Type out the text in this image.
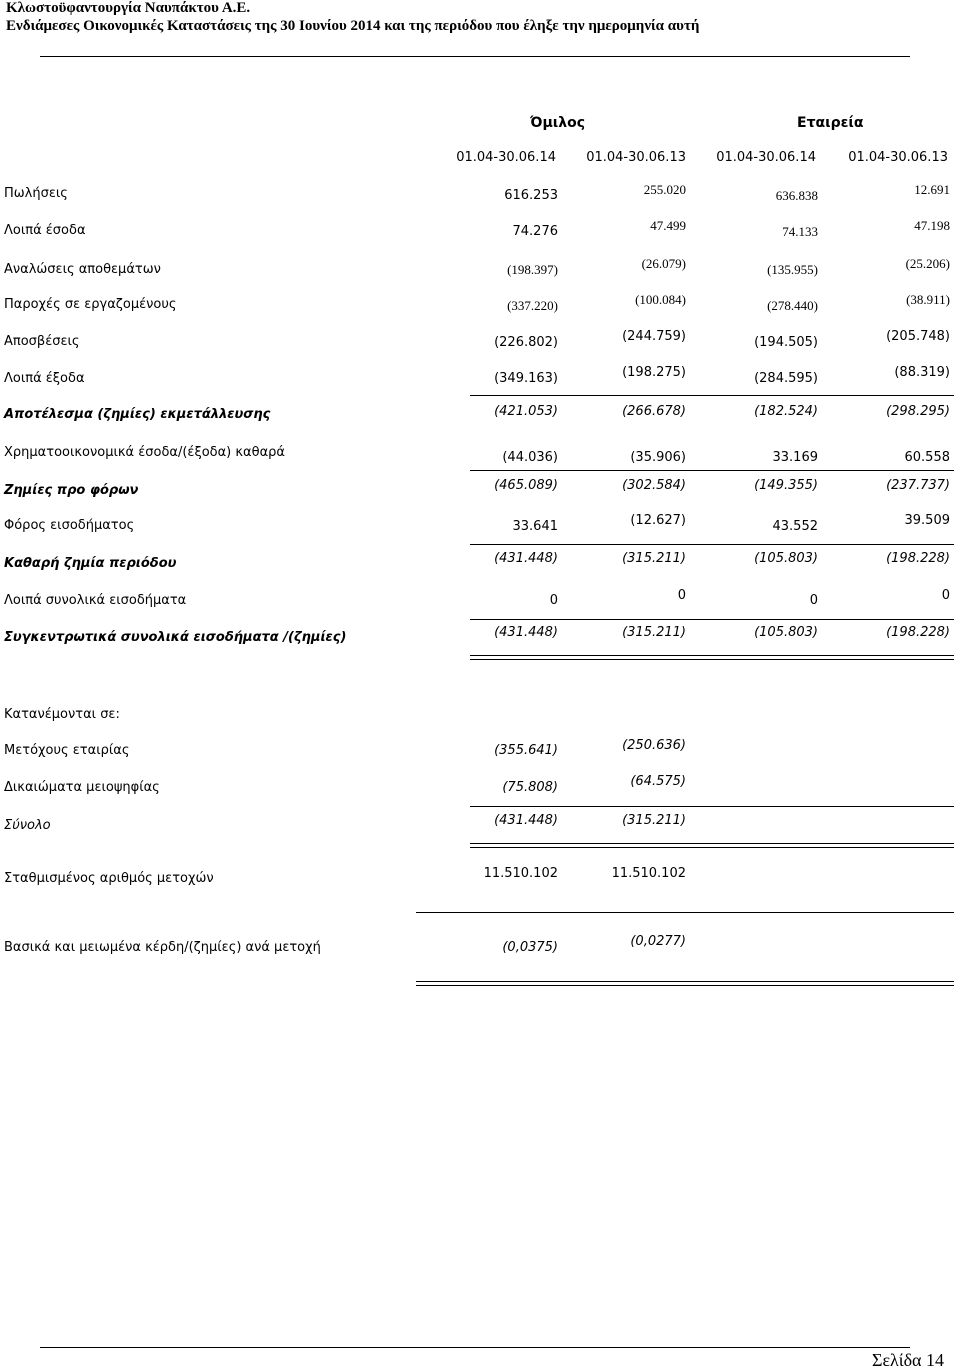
Κλωστοϋφαντουργία Ναυπάκτου Α.Ε.
Ενδιάμεσες Οικονομικές Καταστάσεις της 30 Ιουνίου 2014 και της περιόδου που έληξε την ημερομηνία αυτή
Όμιλος	Εταιρεία
01.04-30.06.14	01.04-30.06.13	01.04-30.06.14	01.04-30.06.13
Πωλήσεις	616.253	255.020	636.838	12.691
Λοιπά έσοδα	74.276	47.499	74.133	47.198
Αναλώσεις αποθεμάτων	(198.397)	(26.079)	(135.955)	(25.206)
Παροχές σε εργαζομένους	(337.220)	(100.084)	(278.440)	(38.911)
Αποσβέσεις	(226.802)	(244.759)	(194.505)	(205.748)
Λοιπά έξοδα	(349.163)	(198.275)	(284.595)	(88.319)
Αποτέλεσμα (ζημίες) εκμετάλλευσης	(421.053)	(266.678)	(182.524)	(298.295)
Χρηματοοικονομικά έσοδα/(έξοδα) καθαρά	(44.036)	(35.906)	33.169	60.558
Ζημίες προ φόρων	(465.089)	(302.584)	(149.355)	(237.737)
Φόρος εισοδήματος	33.641	(12.627)	43.552	39.509
Καθαρή ζημία περιόδου	(431.448)	(315.211)	(105.803)	(198.228)
Λοιπά συνολικά εισοδήματα	0	0	0	0
Συγκεντρωτικά συνολικά εισοδήματα /(ζημίες)	(431.448)	(315.211)	(105.803)	(198.228)
Κατανέμονται σε:
Μετόχους εταιρίας	(355.641)	(250.636)
Δικαιώματα μειοψηφίας	(75.808)	(64.575)
Σύνολο	(431.448)	(315.211)
Σταθμισμένος αριθμός μετοχών	11.510.102	11.510.102
Βασικά και μειωμένα κέρδη/(ζημίες) ανά μετοχή	(0,0375)	(0,0277)
Σελίδα 14
